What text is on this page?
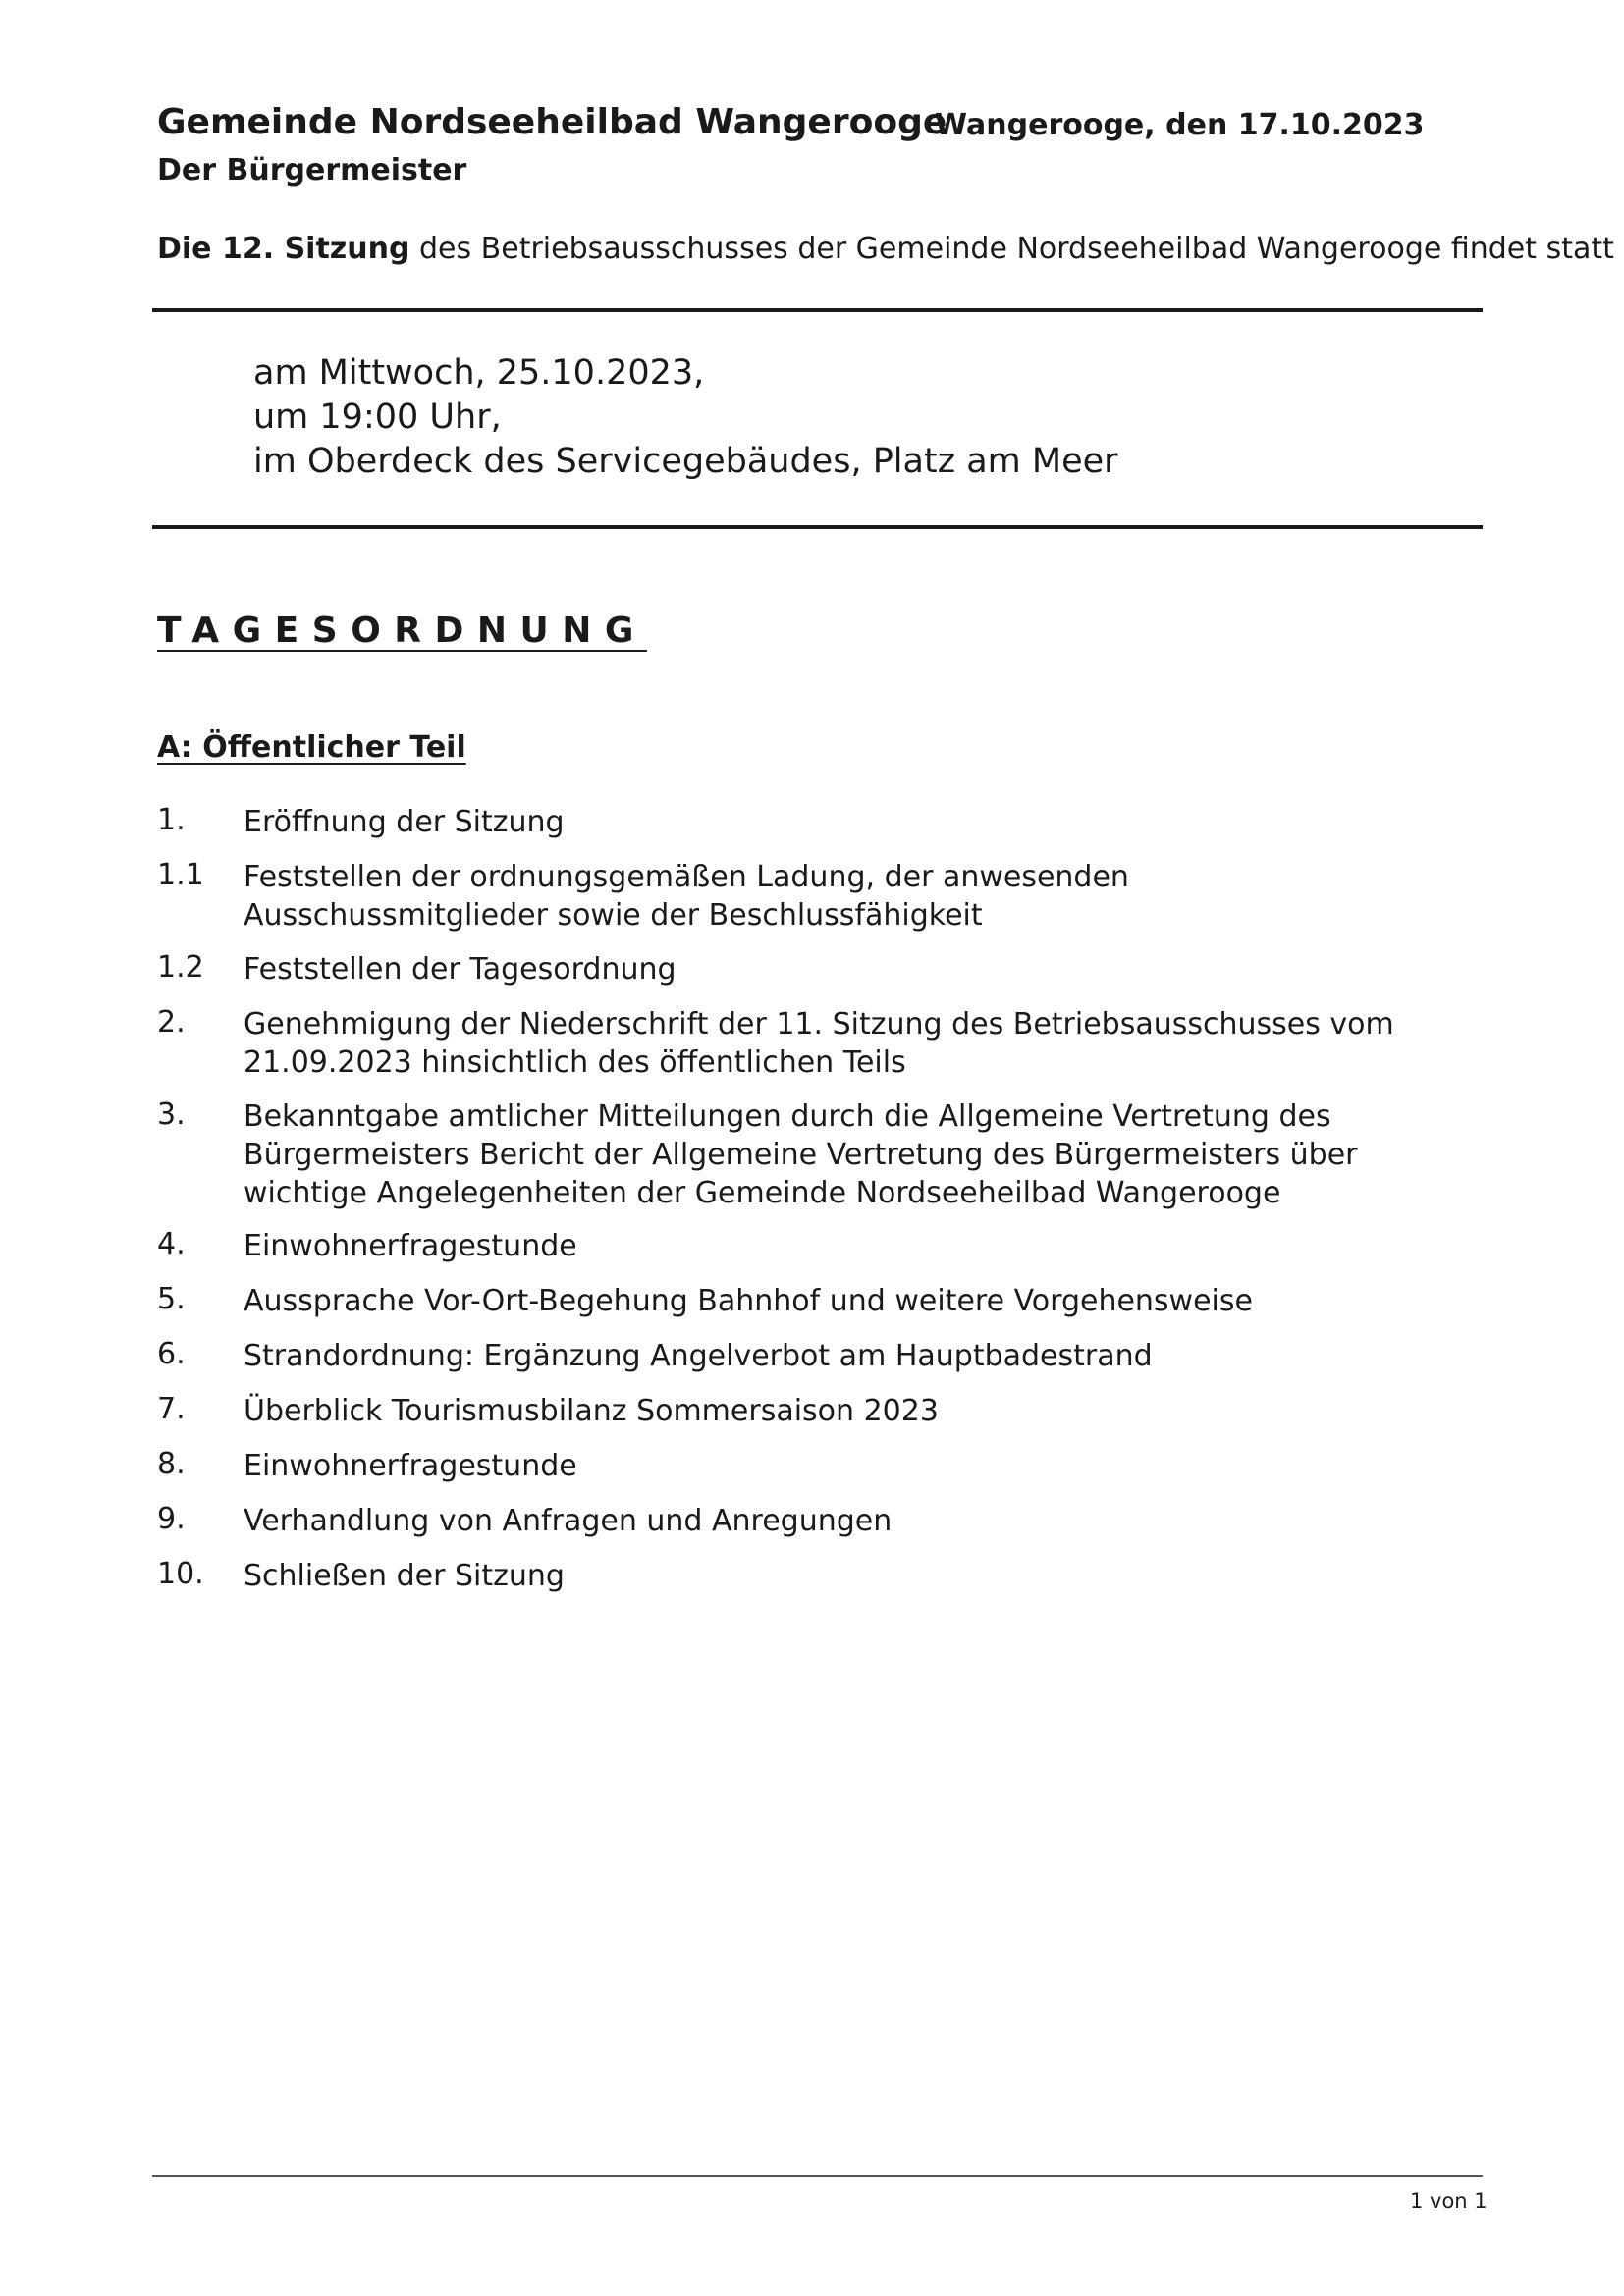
Gemeinde Nordseeheilbad Wangerooge
Der Bürgermeister
Wangerooge, den 17.10.2023
Die 12. Sitzung des Betriebsausschusses der Gemeinde Nordseeheilbad Wangerooge findet statt
am Mittwoch, 25.10.2023,
um 19:00 Uhr,
im Oberdeck des Servicegebäudes, Platz am Meer
TAGESORDNUNG
A: Öffentlicher Teil
1. Eröffnung der Sitzung
1.1 Feststellen der ordnungsgemäßen Ladung, der anwesenden Ausschussmitglieder sowie der Beschlussfähigkeit
1.2 Feststellen der Tagesordnung
2. Genehmigung der Niederschrift der 11. Sitzung des Betriebsausschusses vom 21.09.2023 hinsichtlich des öffentlichen Teils
3. Bekanntgabe amtlicher Mitteilungen durch die Allgemeine Vertretung des Bürgermeisters Bericht der Allgemeine Vertretung des Bürgermeisters über wichtige Angelegenheiten der Gemeinde Nordseeheilbad Wangerooge
4. Einwohnerfragestunde
5. Aussprache Vor-Ort-Begehung Bahnhof und weitere Vorgehensweise
6. Strandordnung: Ergänzung Angelverbot am Hauptbadestrand
7. Überblick Tourismusbilanz Sommersaison 2023
8. Einwohnerfragestunde
9. Verhandlung von Anfragen und Anregungen
10. Schließen der Sitzung
1 von 1
